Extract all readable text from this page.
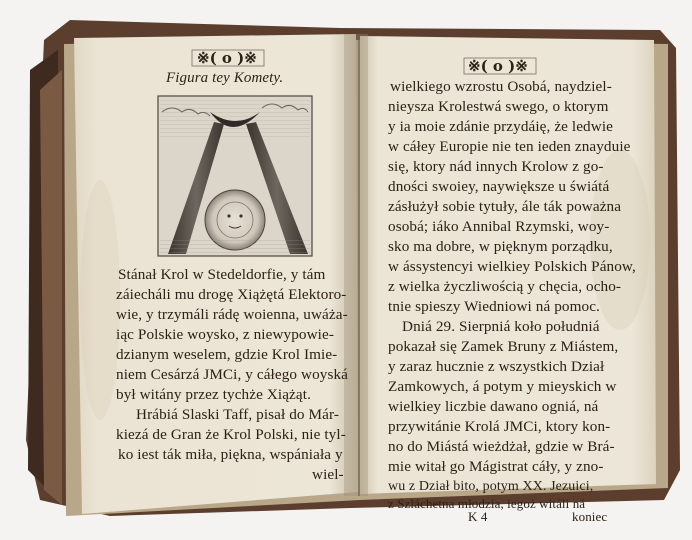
※( o )※
Figura tey Komety.
Stánał Krol w Stedeldorfie, y tám
záiecháli mu drogę Xiążętá Elektoro-
wie, y trzymáli rádę woienna, uwáża-
iąc Polskie woysko, z niewypowie-
dzianym weselem, gdzie Krol Imie-
niem Cesárzá JMCi, y cáłego woyská
był witány przez tychże Xiążąt.
Hrábiá Slaski Taff, pisał do Már-
kiezá de Gran że Krol Polski, nie tyl-
ko iest ták miła, piękna, wspániała y
wiel-
※( o )※
wielkiego wzrostu Osobá, naydziel-
nieysza Krolestwá swego, o ktorym
y ia moie zdánie przydáię, że ledwie
w cáłey Europie nie ten ieden znayduie
się, ktory nád innych Krolow z go-
dności swoiey, naywiększe u świátá
zásłużył sobie tytuły, ále ták poważna
osobá; iáko Annibal Rzymski, woy-
sko ma dobre, w pięknym porządku,
w ássystencyi wielkiey Polskich Pánow,
z wielka życzliwością y chęcia, ocho-
tnie spieszy Wiedniowi ná pomoc.
Dniá 29. Sierpniá koło południá
pokazał się Zamek Bruny z Miástem,
y zaraz hucznie z wszystkich Dział
Zamkowych, á potym y mieyskich w
wielkiey liczbie dawano ogniá, ná
przywitánie Krolá JMCi, ktory kon-
no do Miástá wieżdżał, gdzie w Brá-
mie witał go Mágistrat cáły, y zno-
wu z Dział bito, potym XX. Jezuici,
z Szláchetna młodzia, iegoż witáli ná
K 4	koniec
